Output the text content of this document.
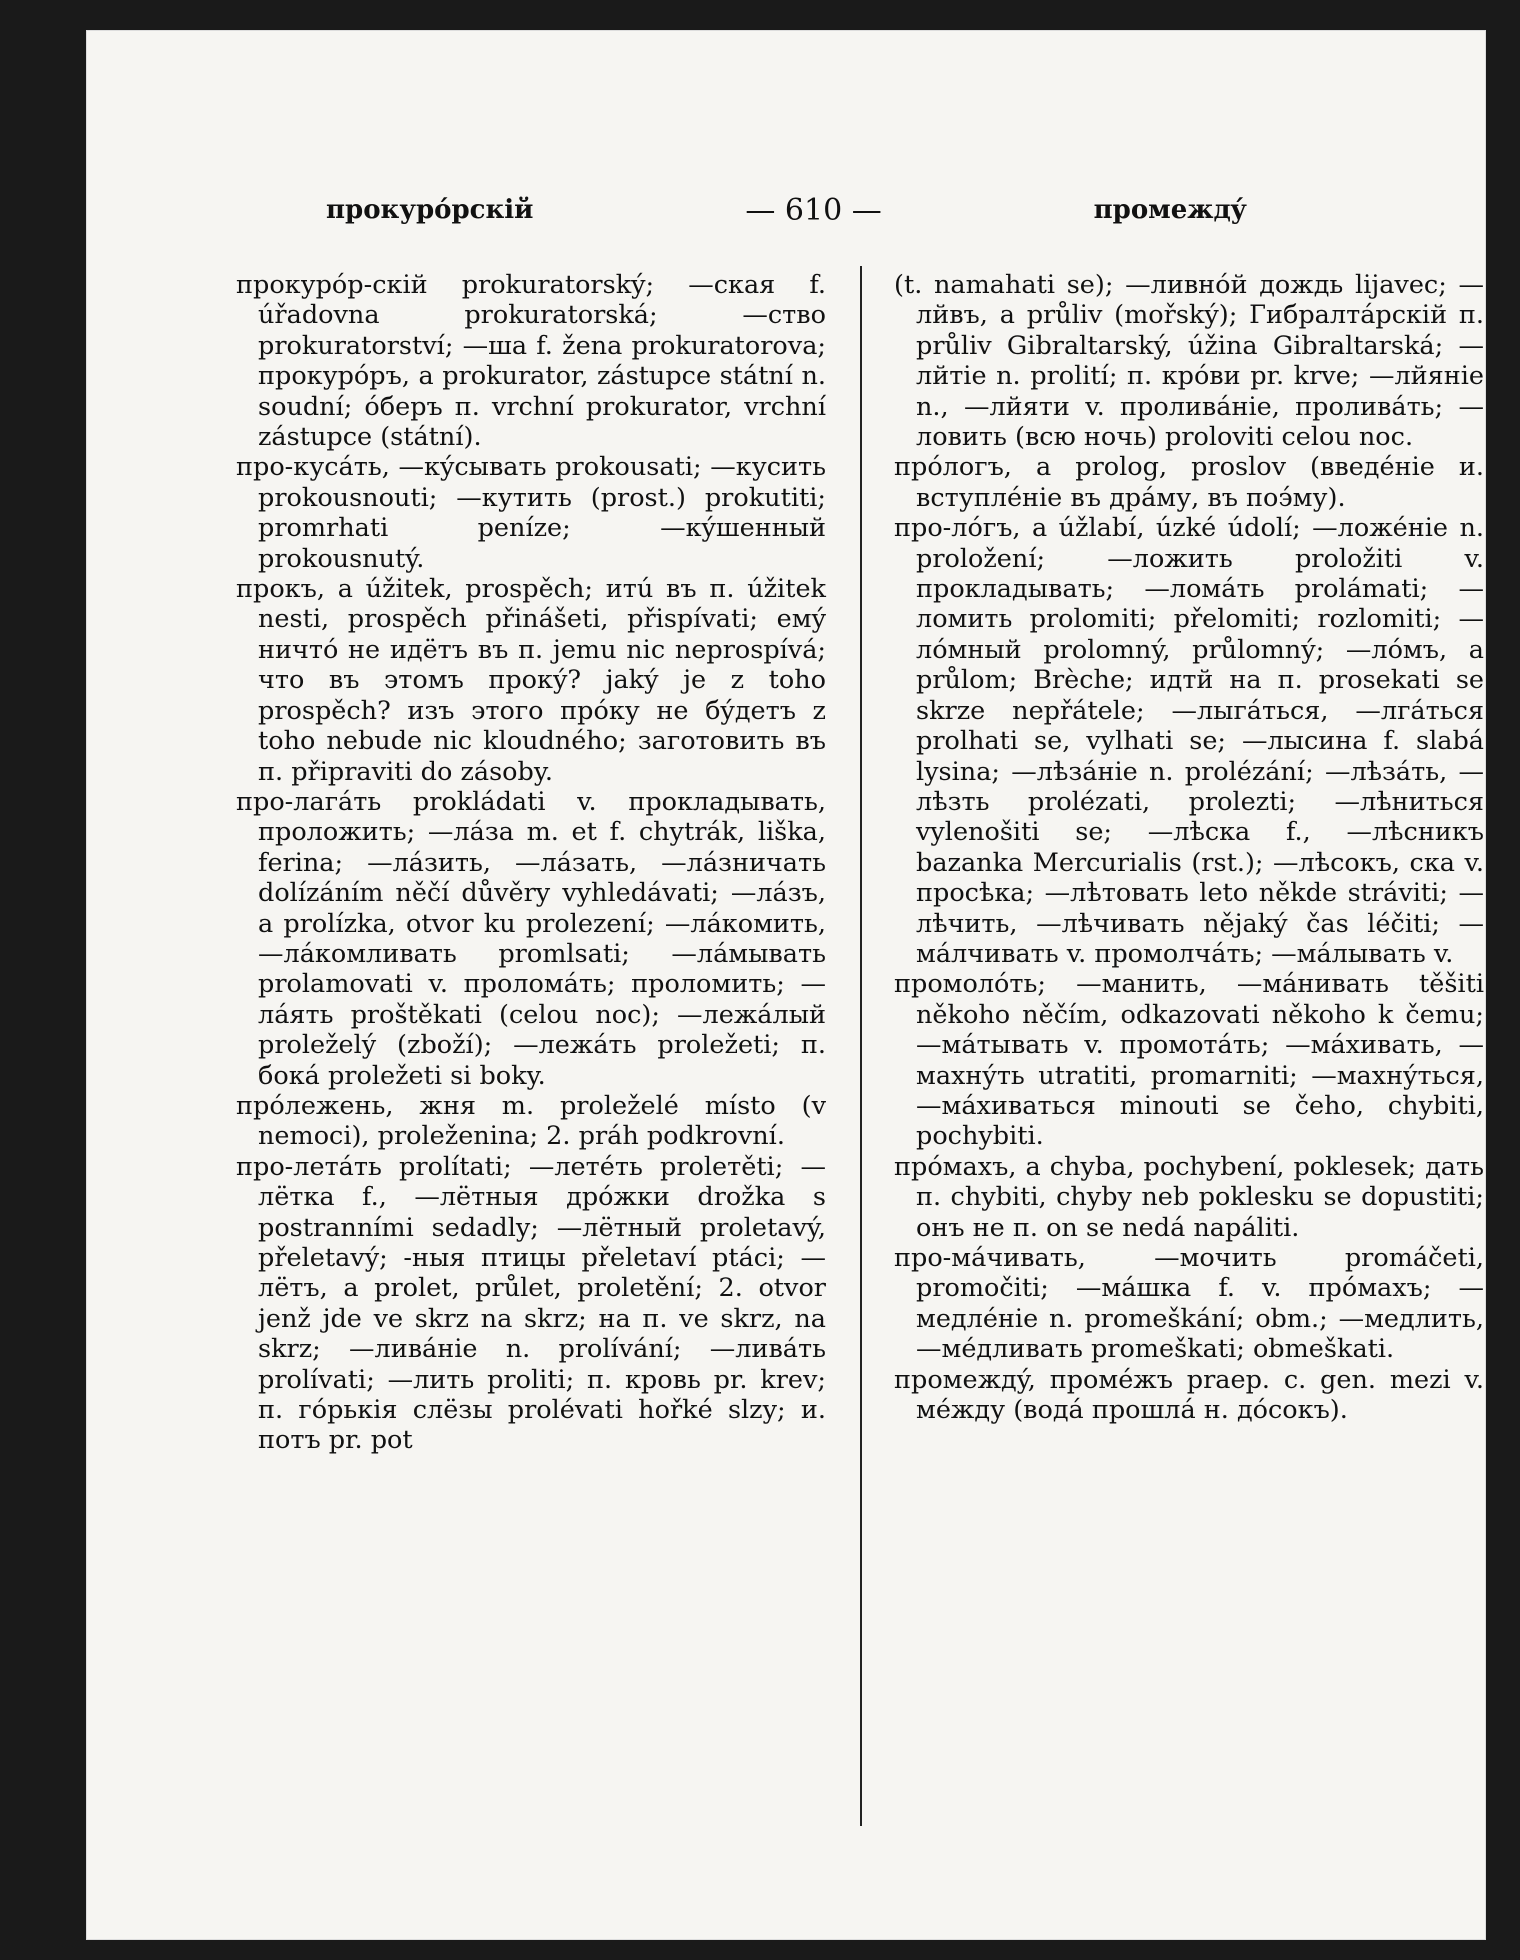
прокурóрскій	— 610 —	промеждý

прокурóр-скій prokuratorský; —ская f. úřadovna prokuratorská; —ство prokuratorství; —ша f. žena prokuratorova; прокурóръ, a prokurator, zástupce státní n. soudní; óберъ п. vrchní prokurator, vrchní zástupce (státní).

про-кусáть, —кýсывать prokousati; —кусить prokousnouti; —кутить (prost.) prokutiti; promrhati peníze; —кýшенный prokousnutý.

прокъ, a úžitek, prospěch; итú въ п. úžitek nesti, prospěch přinášeti, přispívati; емý ничтó не идётъ въ п. jemu nic neprospívá; что въ этомъ прокý? jaký je z toho prospěch? изъ этого прóку не бýдетъ z toho nebude nic kloudného; заготовить въ п. připraviti do zásoby.

про-лагáть prokládati v. прокладывать, проложить; —лáза m. et f. chytrák, liška, ferina; —лáзить, —лáзать, —лáзничать dolízáním něčí důvěry vyhledávati; —лáзъ, a prolízka, otvor ku prolezení; —лáкомить, —лáкомливать promlsati; —лáмывать prolamovati v. проломáть; проломить; —лáять proštěkati (celou noc); —лежáлый proleželý (zboží); —лежáть proležeti; п. бокá proležeti si boky.

прóлежень, жня m. proleželé místo (v nemoci), proleženina; 2. práh podkrovní.

про-летáть prolítati; —летéть proleтěti; —лётка f., —лётныя дрóжки drožka s postranními sedadly; —лётный proletavý, přeletavý; -ныя птицы přeletaví ptáci; —лётъ, a prolet, průlet, proletění; 2. otvor jenž jde ve skrz na skrz; на п. ve skrz, na skrz; —ливáніе n. prolívání; —ливáть prolívati; —лить proliti; п. кровь pr. krev; п. гóрькія слёзы prolévati hořké slzy; и. потъ pr. pot

(t. namahati se); —ливнóй дождь lijavec; —лйвъ, a průliv (mořský); Гибралтáрскій п. průliv Gibraltarský, úžina Gibraltarská; —лйтіе n. prolití; п. крóви pr. krve; —лйяніе n., —лйяти v. проливáніе, проливáть; —ловить (всю ночь) proloviti celou noc.

прóлогъ, a prolog, proslov (введéніе и. вступлéніе въ дрáму, въ поэ́му).

про-лóгъ, a úžlabí, úzké údolí; —ложéніе n. proložení; —ложить proložiti v. прокладывать; —ломáть prolámati; —ломить prolomiti; přelomiti; rozlomiti; —лóмный prolomný, průlomný; —лóмъ, a průlom; Brèche; идтй на п. prosekati se skrze nepřátele; —лыгáться, —лгáться prolhati se, vylhati se; —лысина f. slabá lysina; —лѣзáніе n. prolézání; —лѣзáть, —лѣзть prolézati, prolezti; —лѣниться vylenošiti se; —лѣска f., —лѣсникъ bazanka Mercurialis (rst.); —лѣсокъ, ска v. просѣка; —лѣтовать leto někde stráviti; —лѣчить, —лѣчивать nějaký čas léčiti; —мáлчивать v. промолчáть; —мáлывать v.

промолóть; —манить, —мáнивать těšiti někoho něčím, odkazovati někoho k čemu; —мáтывать v. промотáть; —мáхивать, —махнýть utratiti, promarniti; —махнýться, —мáхиваться minouti se čeho, chybiti, pochybiti.

прóмахъ, a chyba, pochybení, poklesek; дать п. chybiti, chyby neb poklesku se dopustiti; онъ не п. on se nedá napáliti.

про-мáчивать, —мочить promáčeti, promočiti; —мáшка f. v. прóмахъ; —медлéніе n. promeškání; obm.; —медлить, —мéдливать promeškati; obmeškati.

промеждý, промéжъ praep. c. gen. mezi v. мéжду (водá прошлá н. дóсокъ).
